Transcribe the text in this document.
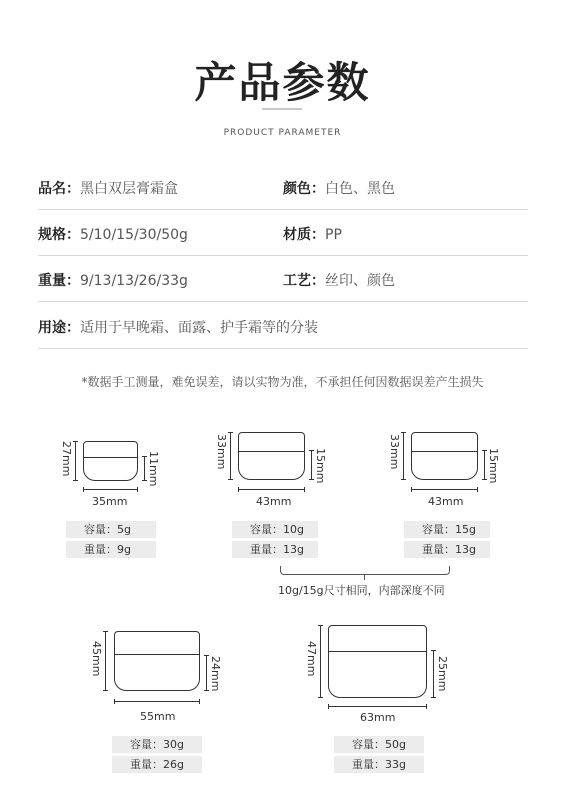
产品参数
PRODUCT PARAMETER
品名：黑白双层膏霜盒	颜色：白色、黑色
规格：5/10/15/30/50g	材质：PP
重量：9/13/13/26/33g	工艺：丝印、颜色
用途：适用于早晚霜、面露、护手霜等的分装
*数据手工测量，难免误差，请以实物为准，不承担任何因数据误差产生损失
27mm	11mm
35mm
容量：5g
重量：9g
33mm	15mm
43mm
容量：10g
重量：13g
33mm	15mm
43mm
容量：15g
重量：13g
10g/15g尺寸相同，内部深度不同
45mm	24mm
55mm
容量：30g
重量：26g
47mm	25mm
63mm
容量：50g
重量：33g
